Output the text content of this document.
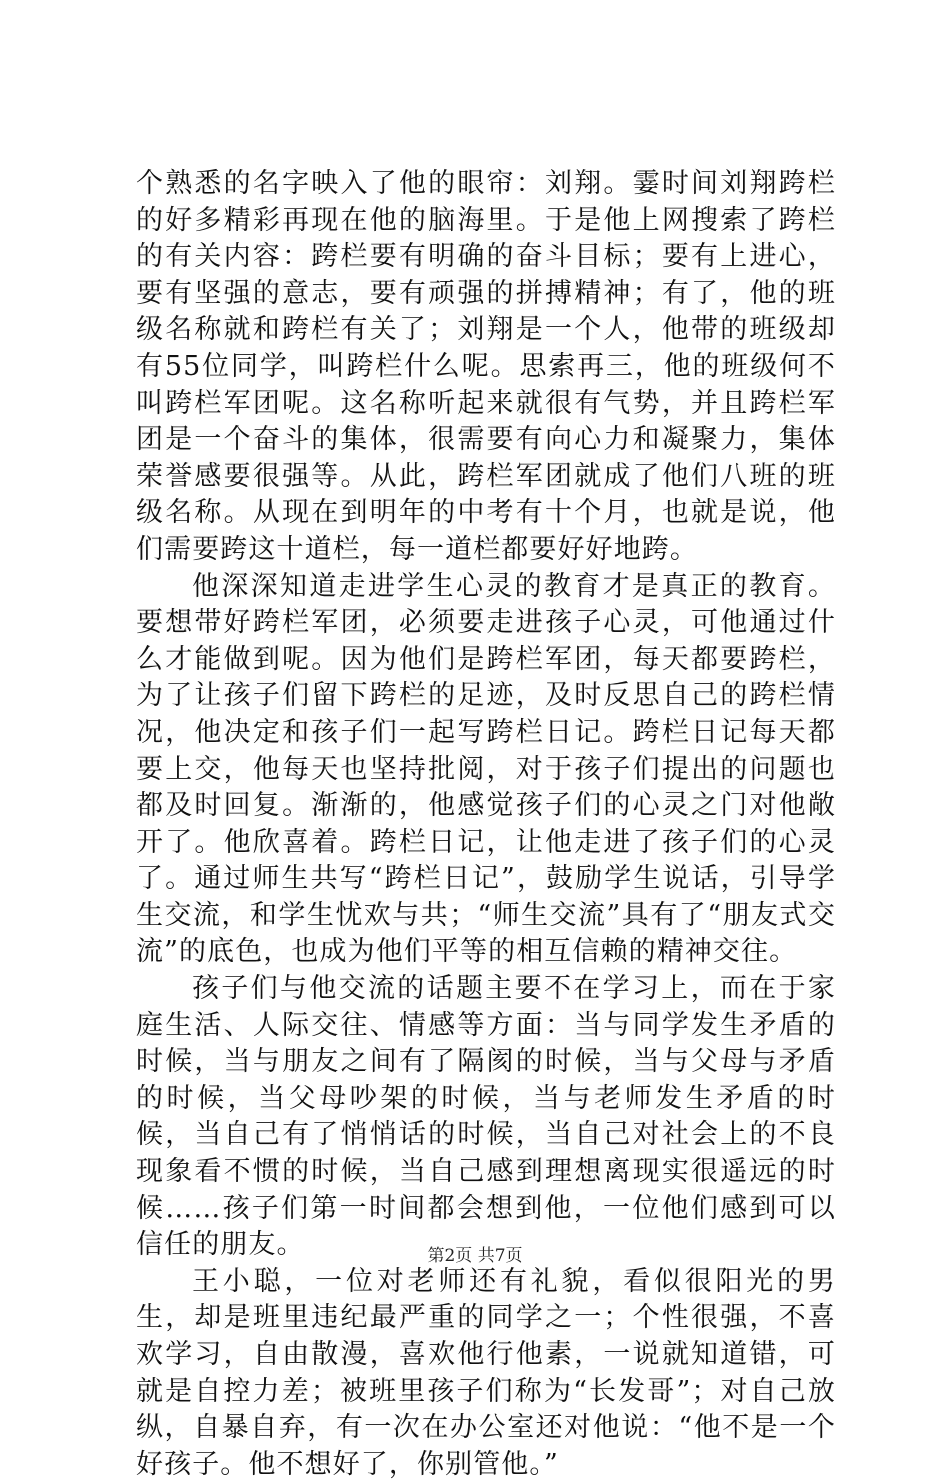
个熟悉的名字映入了他的眼帘：刘翔。霎时间刘翔跨栏的好多精彩再现在他的脑海里。于是他上网搜索了跨栏的有关内容：跨栏要有明确的奋斗目标；要有上进心，要有坚强的意志，要有顽强的拼搏精神；有了，他的班级名称就和跨栏有关了；刘翔是一个人，他带的班级却有55位同学，叫跨栏什么呢。思索再三，他的班级何不叫跨栏军团呢。这名称听起来就很有气势，并且跨栏军团是一个奋斗的集体，很需要有向心力和凝聚力，集体荣誉感要很强等。从此，跨栏军团就成了他们八班的班级名称。从现在到明年的中考有十个月，也就是说，他们需要跨这十道栏，每一道栏都要好好地跨。

他深深知道走进学生心灵的教育才是真正的教育。要想带好跨栏军团，必须要走进孩子心灵，可他通过什么才能做到呢。因为他们是跨栏军团，每天都要跨栏，为了让孩子们留下跨栏的足迹，及时反思自己的跨栏情况，他决定和孩子们一起写跨栏日记。跨栏日记每天都要上交，他每天也坚持批阅，对于孩子们提出的问题也都及时回复。渐渐的，他感觉孩子们的心灵之门对他敞开了。他欣喜着。跨栏日记，让他走进了孩子们的心灵了。通过师生共写“跨栏日记”，鼓励学生说话，引导学生交流，和学生忧欢与共；“师生交流”具有了“朋友式交流”的底色，也成为他们平等的相互信赖的精神交往。

孩子们与他交流的话题主要不在学习上，而在于家庭生活、人际交往、情感等方面：当与同学发生矛盾的时候，当与朋友之间有了隔阂的时候，当与父母与矛盾的时候，当父母吵架的时候，当与老师发生矛盾的时候，当自己有了悄悄话的时候，当自己对社会上的不良现象看不惯的时候，当自己感到理想离现实很遥远的时候……孩子们第一时间都会想到他，一位他们感到可以信任的朋友。

王小聪，一位对老师还有礼貌，看似很阳光的男生，却是班里违纪最严重的同学之一；个性很强，不喜欢学习，自由散漫，喜欢他行他素，一说就知道错，可就是自控力差；被班里孩子们称为“长发哥”；对自己放纵，自暴自弃，有一次在办公室还对他说：“他不是一个好孩子。他不想好了，你别管他。”

第2页 共7页
